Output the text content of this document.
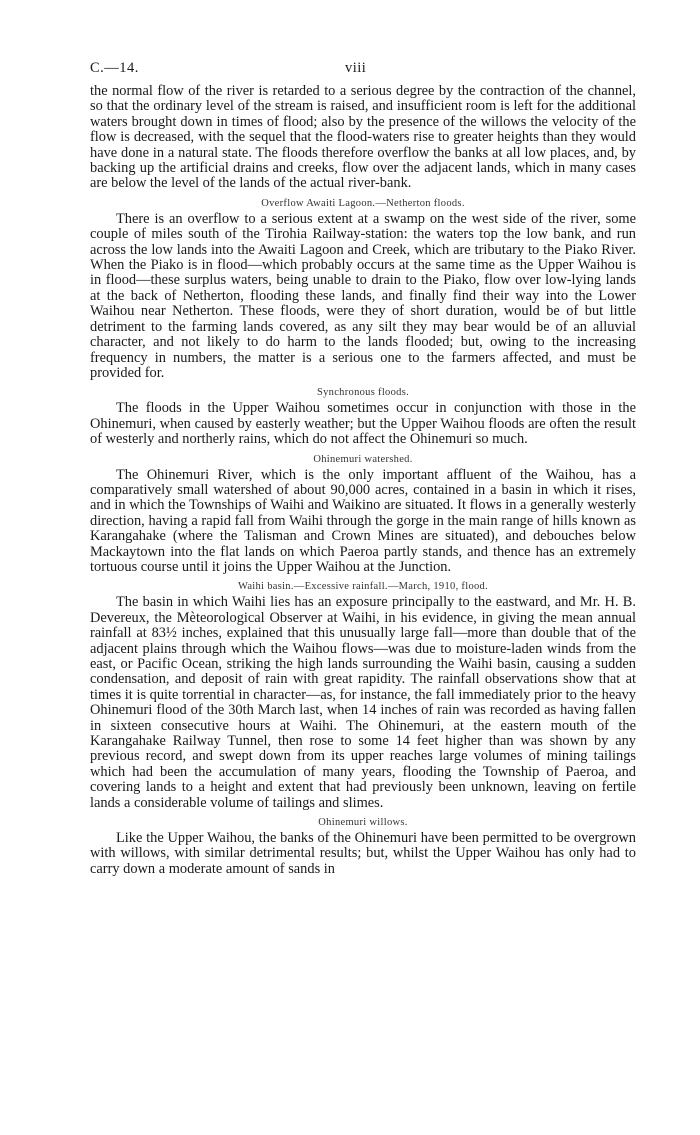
C.—14.	viii

the normal flow of the river is retarded to a serious degree by the contraction of the channel, so that the ordinary level of the stream is raised, and insufficient room is left for the additional waters brought down in times of flood; also by the presence of the willows the velocity of the flow is decreased, with the sequel that the flood-waters rise to greater heights than they would have done in a natural state. The floods therefore overflow the banks at all low places, and, by backing up the artificial drains and creeks, flow over the adjacent lands, which in many cases are below the level of the lands of the actual river-bank.

Overflow Awaiti Lagoon.—Netherton floods.

There is an overflow to a serious extent at a swamp on the west side of the river, some couple of miles south of the Tirohia Railway-station: the waters top the low bank, and run across the low lands into the Awaiti Lagoon and Creek, which are tributary to the Piako River. When the Piako is in flood—which probably occurs at the same time as the Upper Waihou is in flood—these surplus waters, being unable to drain to the Piako, flow over low-lying lands at the back of Netherton, flooding these lands, and finally find their way into the Lower Waihou near Netherton. These floods, were they of short duration, would be of but little detriment to the farming lands covered, as any silt they may bear would be of an alluvial character, and not likely to do harm to the lands flooded; but, owing to the increasing frequency in numbers, the matter is a serious one to the farmers affected, and must be provided for.

Synchronous floods.

The floods in the Upper Waihou sometimes occur in conjunction with those in the Ohinemuri, when caused by easterly weather; but the Upper Waihou floods are often the result of westerly and northerly rains, which do not affect the Ohinemuri so much.

Ohinemuri watershed.

The Ohinemuri River, which is the only important affluent of the Waihou, has a comparatively small watershed of about 90,000 acres, contained in a basin in which it rises, and in which the Townships of Waihi and Waikino are situated. It flows in a generally westerly direction, having a rapid fall from Waihi through the gorge in the main range of hills known as Karangahake (where the Talisman and Crown Mines are situated), and debouches below Mackaytown into the flat lands on which Paeroa partly stands, and thence has an extremely tortuous course until it joins the Upper Waihou at the Junction.

Waihi basin.—Excessive rainfall.—March, 1910, flood.

The basin in which Waihi lies has an exposure principally to the eastward, and Mr. H. B. Devereux, the Mèteorological Observer at Waihi, in his evidence, in giving the mean annual rainfall at 83½ inches, explained that this unusually large fall—more than double that of the adjacent plains through which the Waihou flows—was due to moisture-laden winds from the east, or Pacific Ocean, striking the high lands surrounding the Waihi basin, causing a sudden condensation, and deposit of rain with great rapidity. The rainfall observations show that at times it is quite torrential in character—as, for instance, the fall immediately prior to the heavy Ohinemuri flood of the 30th March last, when 14 inches of rain was recorded as having fallen in sixteen consecutive hours at Waihi. The Ohinemuri, at the eastern mouth of the Karangahake Railway Tunnel, then rose to some 14 feet higher than was shown by any previous record, and swept down from its upper reaches large volumes of mining tailings which had been the accumulation of many years, flooding the Township of Paeroa, and covering lands to a height and extent that had previously been unknown, leaving on fertile lands a considerable volume of tailings and slimes.

Ohinemuri willows.

Like the Upper Waihou, the banks of the Ohinemuri have been permitted to be overgrown with willows, with similar detrimental results; but, whilst the Upper Waihou has only had to carry down a moderate amount of sands in
